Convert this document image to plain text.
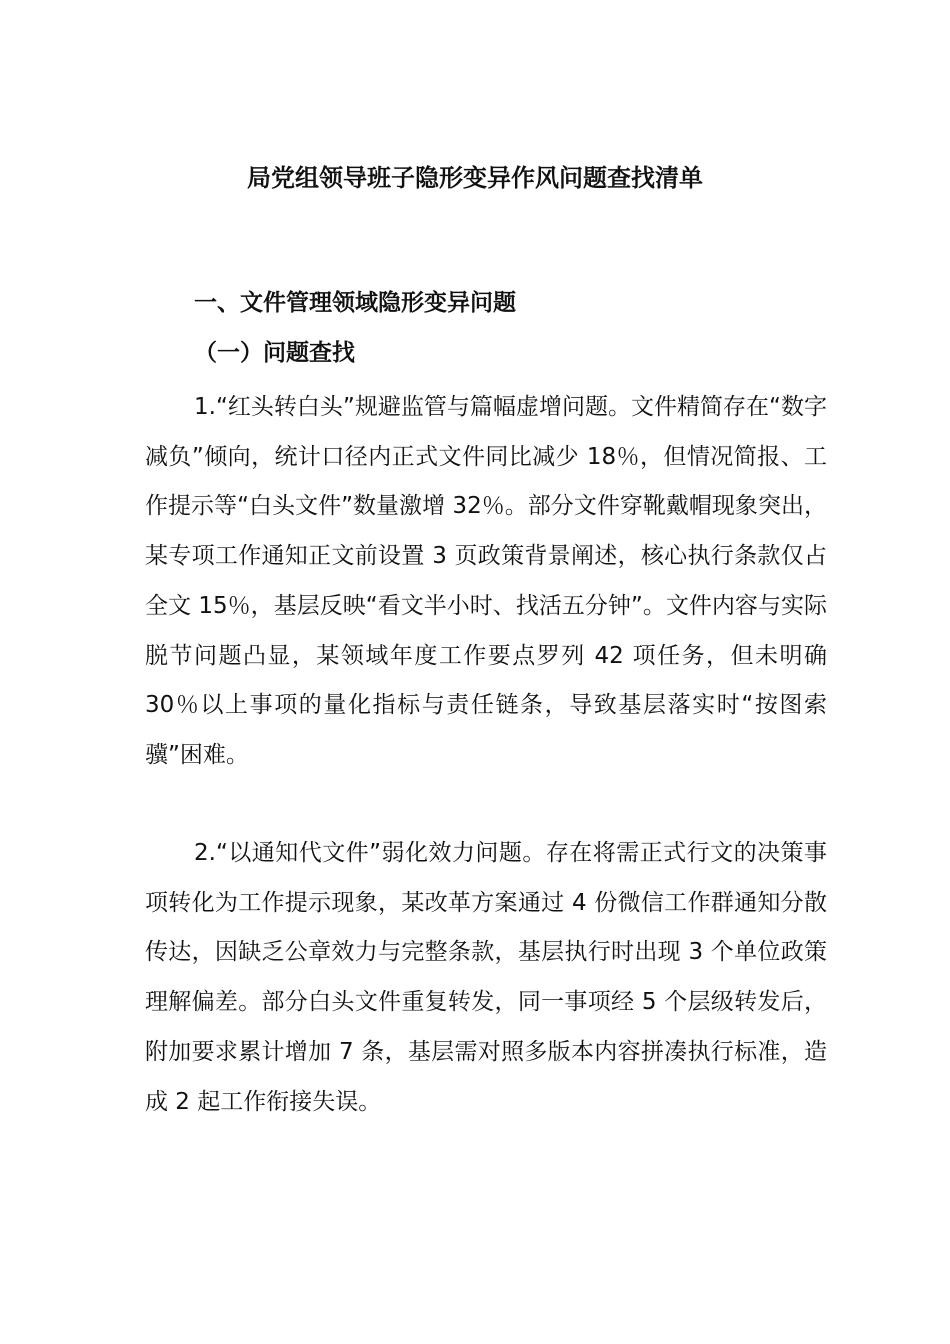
局党组领导班子隐形变异作风问题查找清单
一、文件管理领域隐形变异问题
（一）问题查找

1.“红头转白头”规避监管与篇幅虚增问题。文件精简存在“数字减负”倾向，统计口径内正式文件同比减少 18％，但情况简报、工作提示等“白头文件”数量激增 32％。部分文件穿靴戴帽现象突出，某专项工作通知正文前设置 3 页政策背景阐述，核心执行条款仅占全文 15％，基层反映“看文半小时、找活五分钟”。文件内容与实际脱节问题凸显，某领域年度工作要点罗列 42 项任务，但未明确 30％以上事项的量化指标与责任链条，导致基层落实时“按图索骥”困难。

2.“以通知代文件”弱化效力问题。存在将需正式行文的决策事项转化为工作提示现象，某改革方案通过 4 份微信工作群通知分散传达，因缺乏公章效力与完整条款，基层执行时出现 3 个单位政策理解偏差。部分白头文件重复转发，同一事项经 5 个层级转发后，附加要求累计增加 7 条，基层需对照多版本内容拼凑执行标准，造成 2 起工作衔接失误。
